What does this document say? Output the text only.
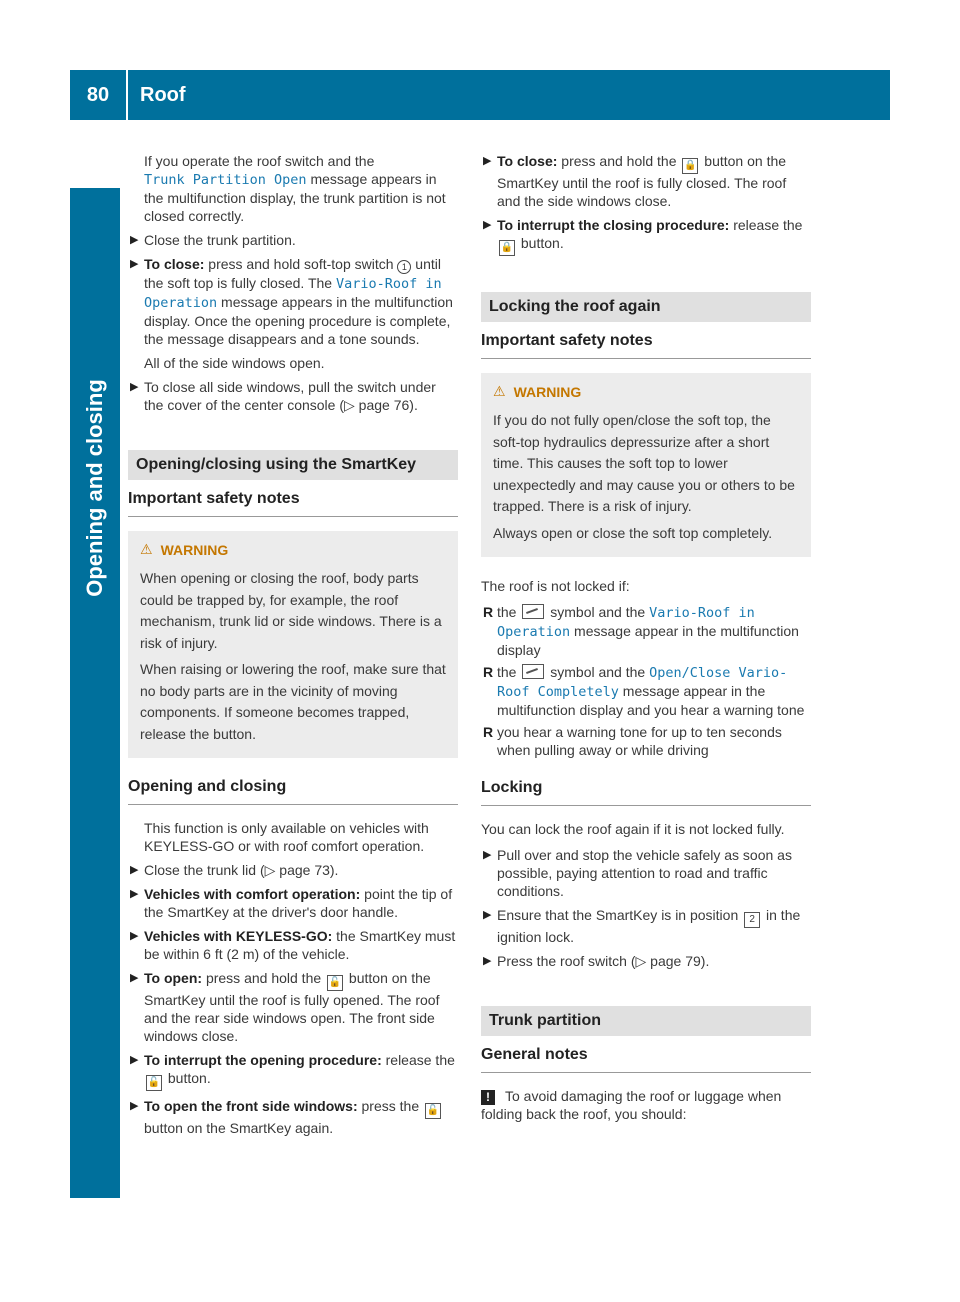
80	Roof
Opening and closing

If you operate the roof switch and the
Trunk Partition Open message appears in the multifunction display, the trunk partition is not closed correctly.

▶ Close the trunk partition.
▶ To close: press and hold soft-top switch 1 until the soft top is fully closed. The Vario-Roof in Operation message appears in the multifunction display. Once the opening procedure is complete, the message disappears and a tone sounds.

All of the side windows open.

▶ To close all side windows, pull the switch under the cover of the center console (▷ page 76).
Opening/closing using the SmartKey
Important safety notes
⚠ WARNING

When opening or closing the roof, body parts could be trapped by, for example, the roof mechanism, trunk lid or side windows. There is a risk of injury.

When raising or lowering the roof, make sure that no body parts are in the vicinity of moving components. If someone becomes trapped, release the button.

Opening and closing

This function is only available on vehicles with KEYLESS-GO or with roof comfort operation.

▶ Close the trunk lid (▷ page 73).
▶ Vehicles with comfort operation: point the tip of the SmartKey at the driver's door handle.
▶ Vehicles with KEYLESS-GO: the SmartKey must be within 6 ft (2 m) of the vehicle.
▶ To open: press and hold the 🔓 button on the SmartKey until the roof is fully opened. The roof and the rear side windows open. The front side windows close.
▶ To interrupt the opening procedure: release the 🔓 button.
▶ To open the front side windows: press the 🔓 button on the SmartKey again.
▶ To close: press and hold the 🔒 button on the SmartKey until the roof is fully closed. The roof and the side windows close.
▶ To interrupt the closing procedure: release the 🔒 button.
Locking the roof again
Important safety notes
⚠ WARNING

If you do not fully open/close the soft top, the soft-top hydraulics depressurize after a short time. This causes the soft top to lower unexpectedly and may cause you or others to be trapped. There is a risk of injury.

Always open or close the soft top completely.

The roof is not locked if:

R the  symbol and the Vario-Roof in Operation message appear in the multifunction display
R the  symbol and the Open/Close Vario-Roof Completely message appear in the multifunction display and you hear a warning tone
R you hear a warning tone for up to ten seconds when pulling away or while driving
Locking

You can lock the roof again if it is not locked fully.

▶ Pull over and stop the vehicle safely as soon as possible, paying attention to road and traffic conditions.
▶ Ensure that the SmartKey is in position 2 in the ignition lock.
▶ Press the roof switch (▷ page 79).
Trunk partition
General notes

! To avoid damaging the roof or luggage when folding back the roof, you should:
